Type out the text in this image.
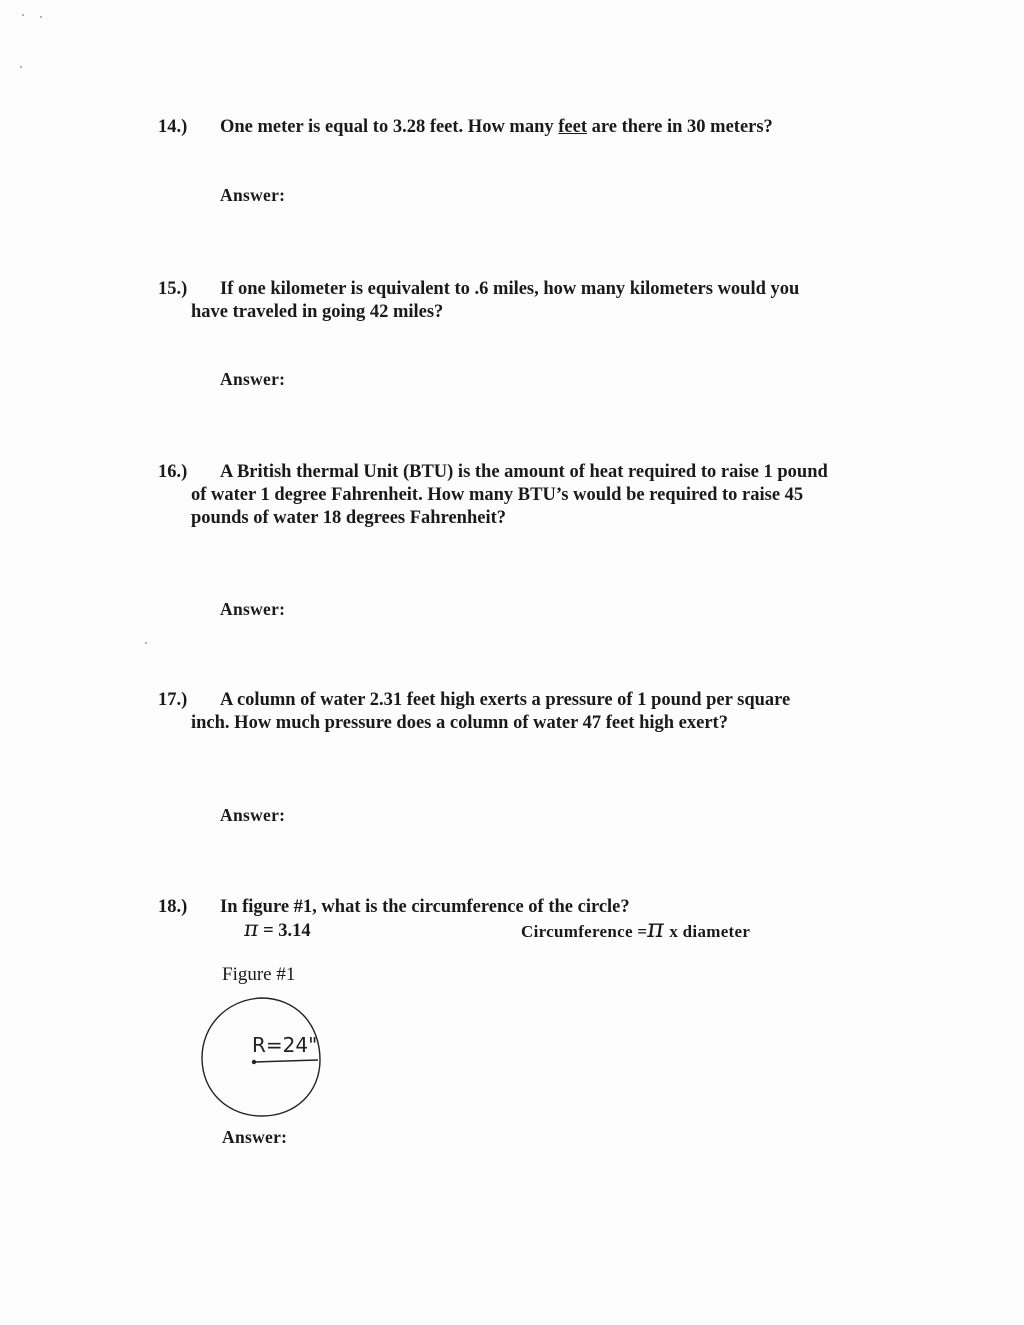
14.) One meter is equal to 3.28 feet. How many feet are there in 30 meters?
Answer:
15.) If one kilometer is equivalent to .6 miles, how many kilometers would you
have traveled in going 42 miles?
Answer:
16.) A British thermal Unit (BTU) is the amount of heat required to raise 1 pound
of water 1 degree Fahrenheit. How many BTU’s would be required to raise 45
pounds of water 18 degrees Fahrenheit?
Answer:
17.) A column of water 2.31 feet high exerts a pressure of 1 pound per square
inch. How much pressure does a column of water 47 feet high exert?
Answer:
18.) In figure #1, what is the circumference of the circle?
π = 3.14	Circumference =π x diameter
Figure #1
R=24"
Answer:
